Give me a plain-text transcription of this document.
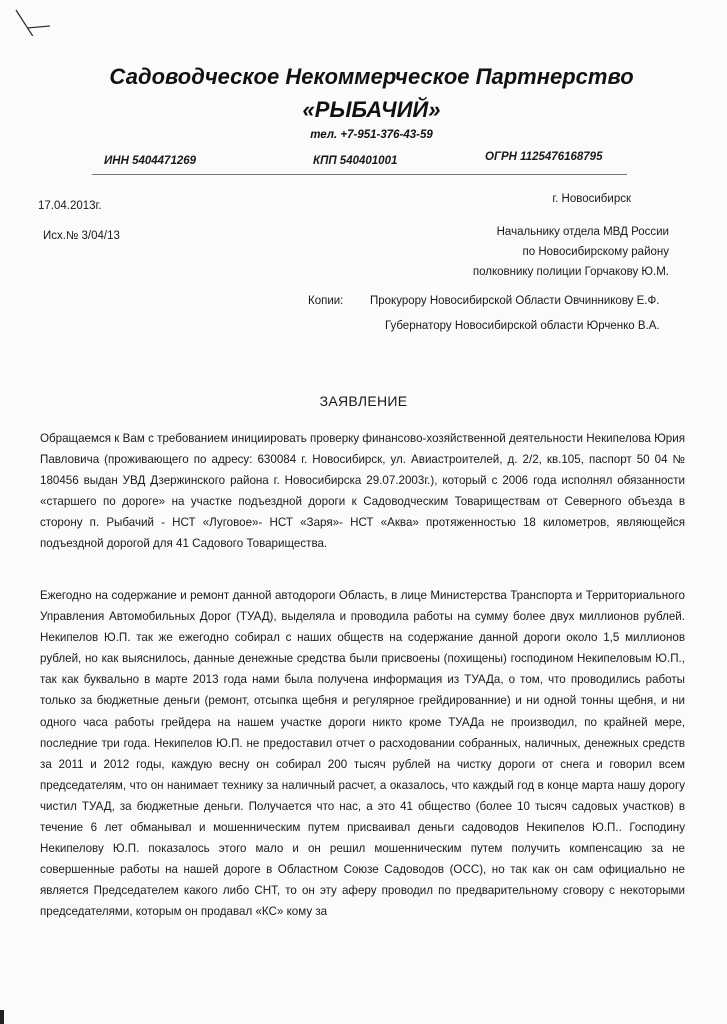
Садоводческое Некоммерческое Партнерство
«РЫБАЧИЙ»
тел. +7-951-376-43-59
ИНН 5404471269	КПП 540401001	ОГРН 1125476168795
17.04.2013г.
Исх.№ 3/04/13
г. Новосибирск
Начальнику отдела МВД России
по Новосибирскому району
полковнику полиции Горчакову Ю.М.
Копии: Прокурору Новосибирской Области Овчинникову Е.Ф.
Губернатору Новосибирской области Юрченко В.А.
ЗАЯВЛЕНИЕ
Обращаемся к Вам с требованием инициировать проверку финансово-хозяйственной деятельности Некипелова Юрия Павловича (проживающего по адресу: 630084 г. Новосибирск, ул. Авиастроителей, д. 2/2, кв.105, паспорт 50 04 № 180456 выдан УВД Дзержинского района г. Новосибирска 29.07.2003г.), который с 2006 года исполнял обязанности «старшего по дороге» на участке подъездной дороги к Садоводческим Товариществам от Северного объезда в сторону п. Рыбачий - НСТ «Луговое»- НСТ «Заря»- НСТ «Аква» протяженностью 18 километров, являющейся подъездной дорогой для 41 Садового Товарищества.
Ежегодно на содержание и ремонт данной автодороги Область, в лице Министерства Транспорта и Территориального Управления Автомобильных Дорог (ТУАД), выделяла и проводила работы на сумму более двух миллионов рублей. Некипелов Ю.П. так же ежегодно собирал с наших обществ на содержание данной дороги около 1,5 миллионов рублей, но как выяснилось, данные денежные средства были присвоены (похищены) господином Некипеловым Ю.П., так как буквально в марте 2013 года нами была получена информация из ТУАДа, о том, что проводились работы только за бюджетные деньги (ремонт, отсыпка щебня и регулярное грейдированние) и ни одной тонны щебня, и ни одного часа работы грейдера на нашем участке дороги никто кроме ТУАДа не производил, по крайней мере, последние три года. Некипелов Ю.П. не предоставил отчет о расходовании собранных, наличных, денежных средств за 2011 и 2012 годы, каждую весну он собирал 200 тысяч рублей на чистку дороги от снега и говорил всем председателям, что он нанимает технику за наличный расчет, а оказалось, что каждый год в конце марта нашу дорогу чистил ТУАД, за бюджетные деньги. Получается что нас, а это 41 общество (более 10 тысяч садовых участков) в течение 6 лет обманывал и мошенническим путем присваивал деньги садоводов Некипелов Ю.П.. Господину Некипелову Ю.П. показалось этого мало и он решил мошенническим путем получить компенсацию за не совершенные работы на нашей дороге в Областном Союзе Садоводов (ОСС), но так как он сам официально не является Председателем какого либо СНТ, то он эту аферу проводил по предварительному сговору с некоторыми председателями, которым он продавал «КС» кому за
